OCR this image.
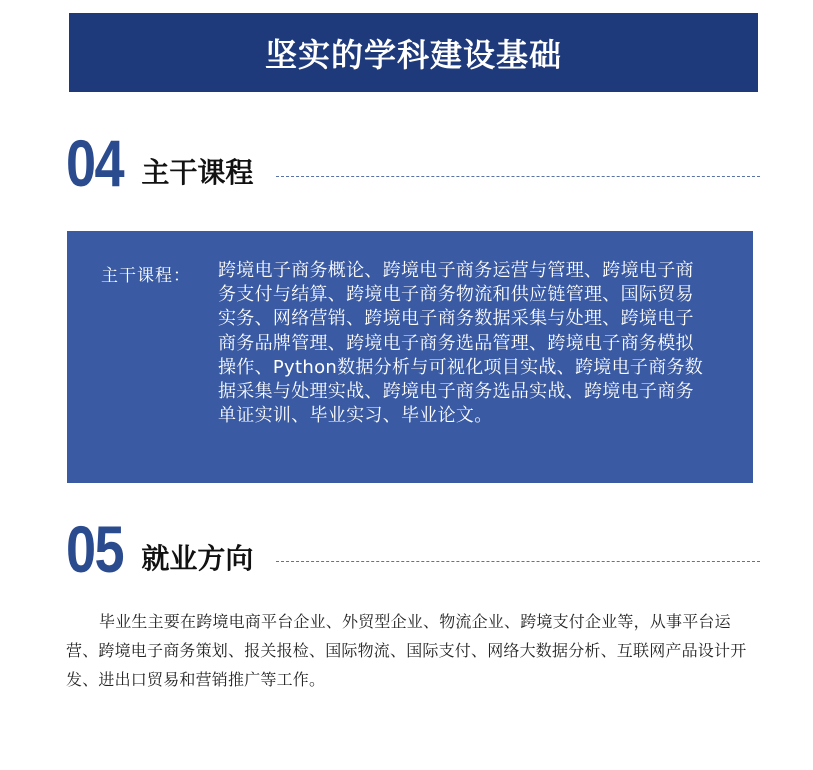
坚实的学科建设基础
04 主干课程
主干课程： 跨境电子商务概论、跨境电子商务运营与管理、跨境电子商务支付与结算、跨境电子商务物流和供应链管理、国际贸易实务、网络营销、跨境电子商务数据采集与处理、跨境电子商务品牌管理、跨境电子商务选品管理、跨境电子商务模拟操作、Python数据分析与可视化项目实战、跨境电子商务数据采集与处理实战、跨境电子商务选品实战、跨境电子商务单证实训、毕业实习、毕业论文。
05 就业方向
毕业生主要在跨境电商平台企业、外贸型企业、物流企业、跨境支付企业等，从事平台运营、跨境电子商务策划、报关报检、国际物流、国际支付、网络大数据分析、互联网产品设计开发、进出口贸易和营销推广等工作。
